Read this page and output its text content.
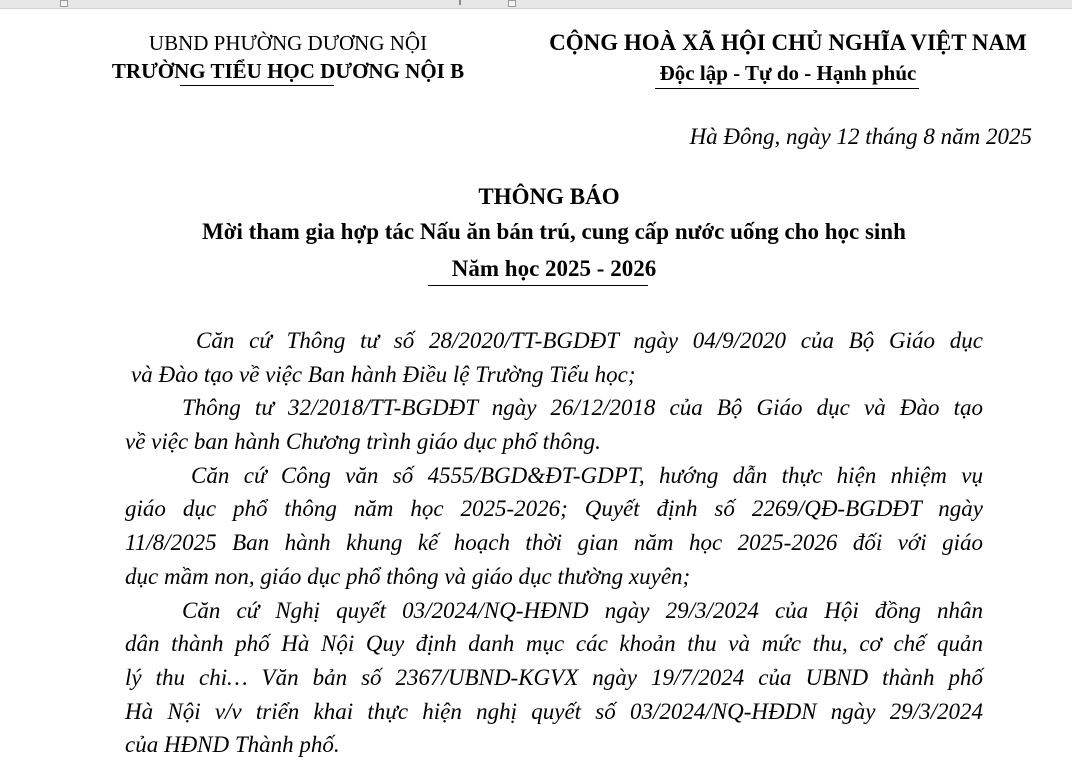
UBND PHƯỜNG DƯƠNG NỘI
TRƯỜNG TIỂU HỌC DƯƠNG NỘI B
CỘNG HOÀ XÃ HỘI CHỦ NGHĨA VIỆT NAM
Độc lập - Tự do - Hạnh phúc
Hà Đông, ngày 12 tháng 8 năm 2025
THÔNG BÁO
Mời tham gia hợp tác Nấu ăn bán trú, cung cấp nước uống cho học sinh
Năm học 2025 - 2026
Căn cứ Thông tư số 28/2020/TT-BGDĐT ngày 04/9/2020 của Bộ Giáo dục
và Đào tạo về việc Ban hành Điều lệ Trường Tiểu học;
Thông tư 32/2018/TT-BGDĐT ngày 26/12/2018 của Bộ Giáo dục và Đào tạo
về việc ban hành Chương trình giáo dục phổ thông.
Căn cứ Công văn số 4555/BGD&ĐT-GDPT, hướng dẫn thực hiện nhiệm vụ
giáo dục phổ thông năm học 2025-2026; Quyết định số 2269/QĐ-BGDĐT ngày
11/8/2025 Ban hành khung kế hoạch thời gian năm học 2025-2026 đối với giáo
dục mầm non, giáo dục phổ thông và giáo dục thường xuyên;
Căn cứ Nghị quyết 03/2024/NQ-HĐND ngày 29/3/2024 của Hội đồng nhân
dân thành phố Hà Nội Quy định danh mục các khoản thu và mức thu, cơ chế quản
lý thu chi… Văn bản số 2367/UBND-KGVX ngày 19/7/2024 của UBND thành phố
Hà Nội v/v triển khai thực hiện nghị quyết số 03/2024/NQ-HĐDN ngày 29/3/2024
của HĐND Thành phố.
